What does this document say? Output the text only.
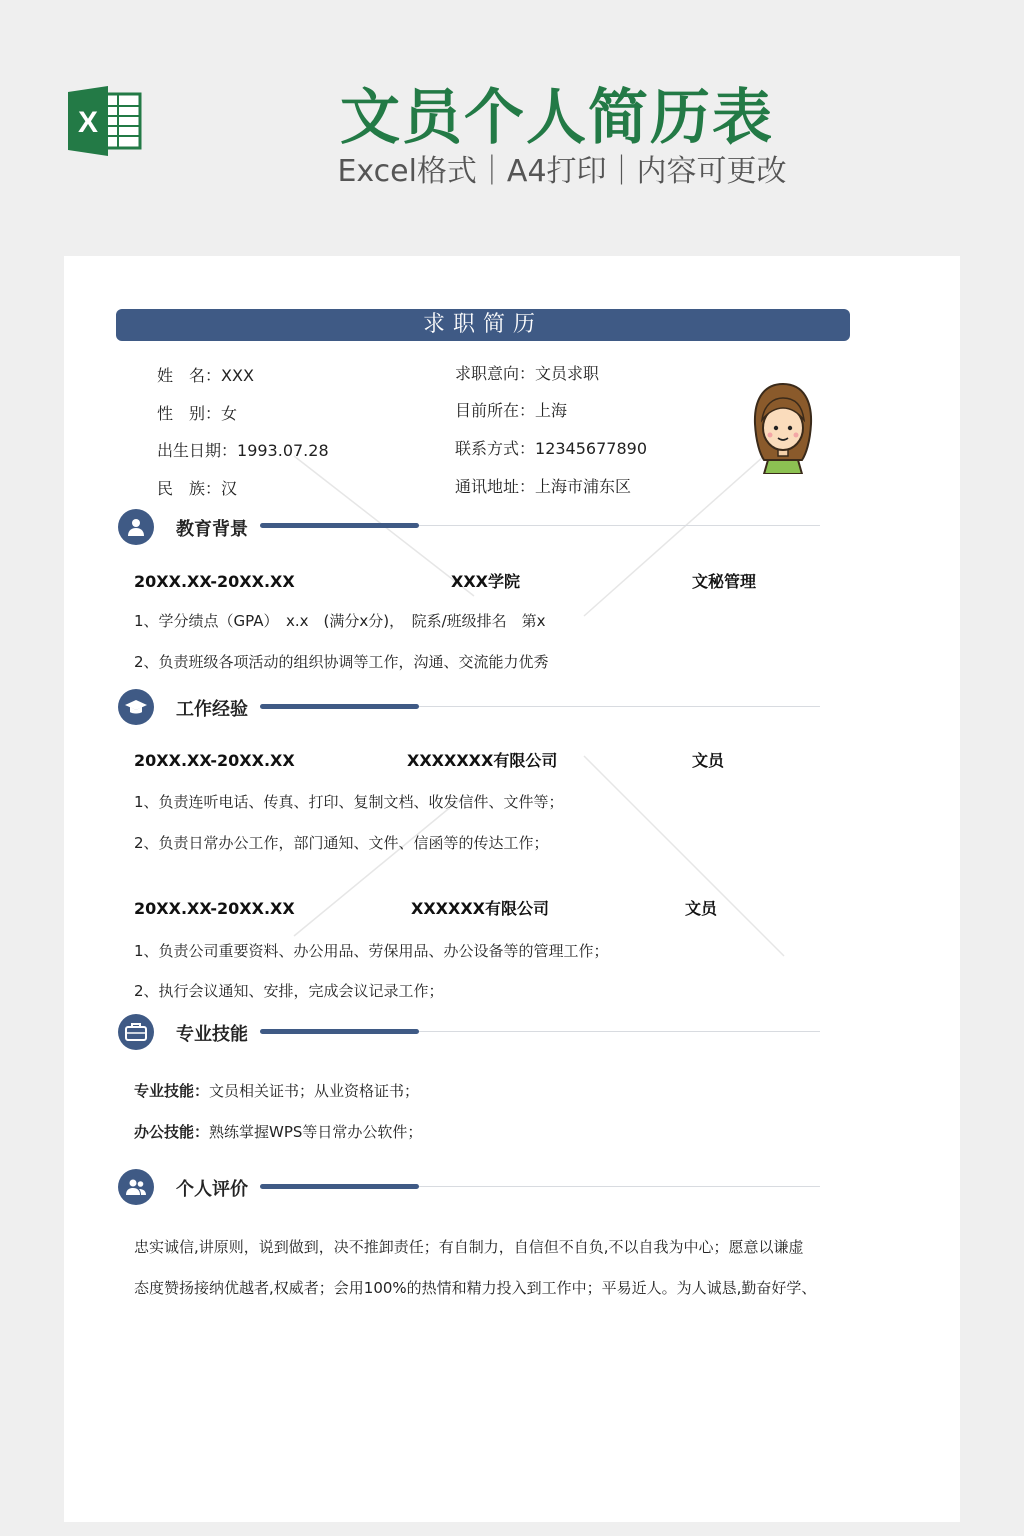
X	文员个人简历表
Excel格式｜A4打印｜内容可更改
求职简历
姓　名：XXX
性　别：女
出生日期：1993.07.28
民　族：汉
求职意向：文员求职
目前所在：上海
联系方式：12345677890
通讯地址：上海市浦东区
教育背景
20XX.XX-20XX.XX	XXX学院	文秘管理
1、学分绩点（GPA）　x.x　(满分x分)，　院系/班级排名　第x
2、负责班级各项活动的组织协调等工作，沟通、交流能力优秀
工作经验
20XX.XX-20XX.XX	XXXXXXX有限公司	文员
1、负责连听电话、传真、打印、复制文档、收发信件、文件等；
2、负责日常办公工作，部门通知、文件、信函等的传达工作；
20XX.XX-20XX.XX	XXXXXX有限公司	文员
1、负责公司重要资料、办公用品、劳保用品、办公设备等的管理工作；
2、执行会议通知、安排，完成会议记录工作；
专业技能
专业技能：文员相关证书；从业资格证书；
办公技能：熟练掌握WPS等日常办公软件；
个人评价
忠实诚信,讲原则，说到做到，决不推卸责任；有自制力，自信但不自负,不以自我为中心；愿意以谦虚
态度赞扬接纳优越者,权威者；会用100%的热情和精力投入到工作中；平易近人。为人诚恳,勤奋好学、
